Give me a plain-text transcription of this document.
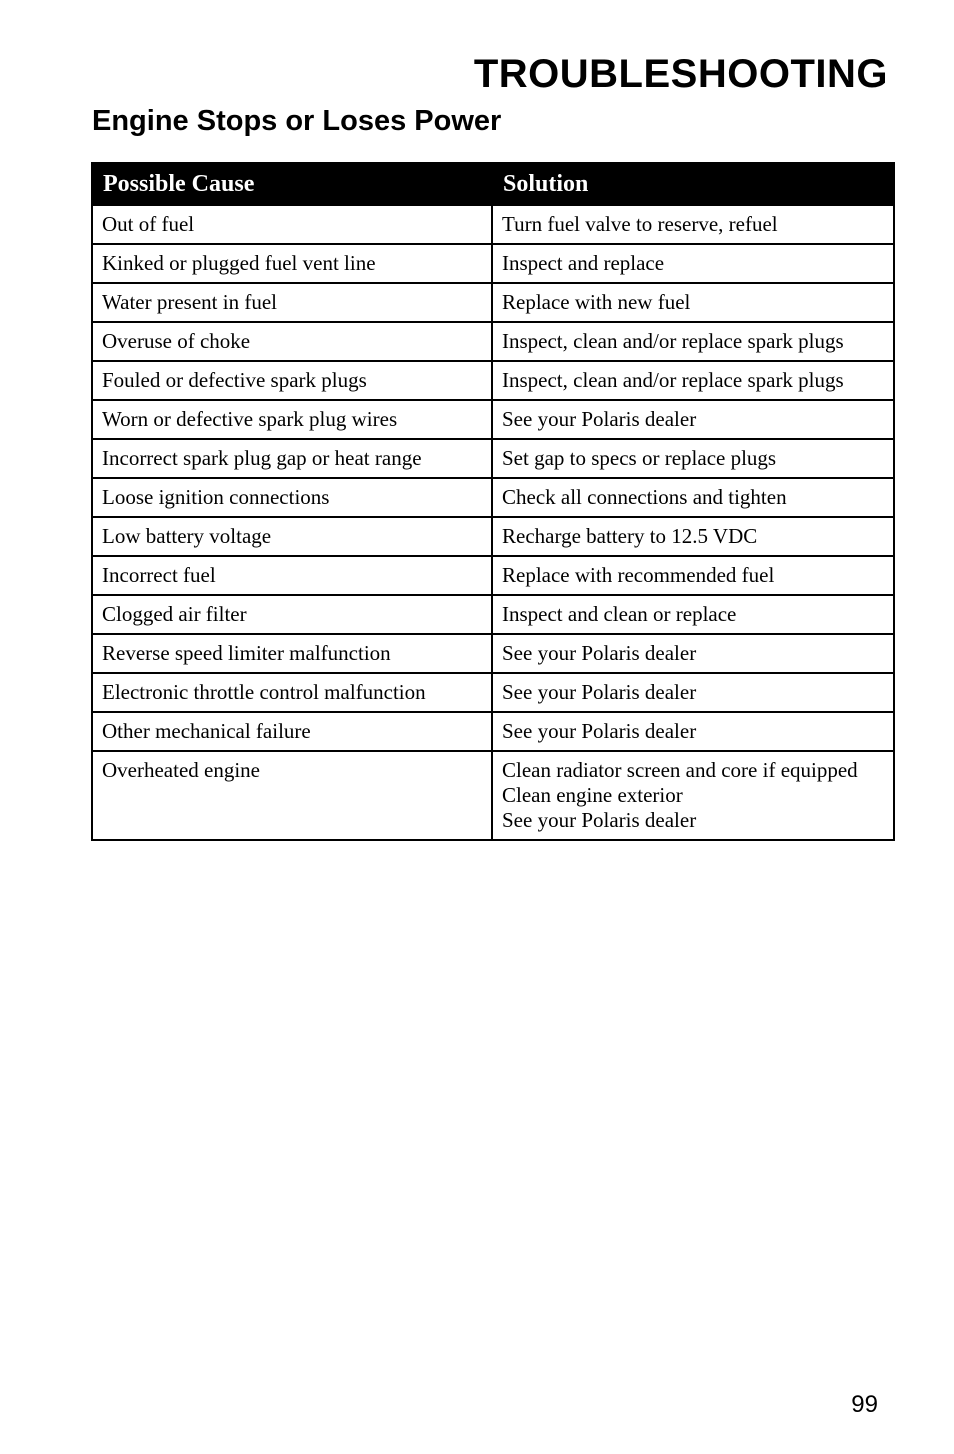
TROUBLESHOOTING
Engine Stops or Loses Power
Possible Cause	Solution
Out of fuel	Turn fuel valve to reserve, refuel

Kinked or plugged fuel vent line	Inspect and replace

Water present in fuel	Replace with new fuel

Overuse of choke	Inspect, clean and/or replace spark plugs

Fouled or defective spark plugs	Inspect, clean and/or replace spark plugs

Worn or defective spark plug wires	See your Polaris dealer

Incorrect spark plug gap or heat range	Set gap to specs or replace plugs

Loose ignition connections	Check all connections and tighten

Low battery voltage	Recharge battery to 12.5 VDC

Incorrect fuel	Replace with recommended fuel

Clogged air filter	Inspect and clean or replace

Reverse speed limiter malfunction	See your Polaris dealer

Electronic throttle control malfunction	See your Polaris dealer

Other mechanical failure	See your Polaris dealer

Overheated engine	Clean radiator screen and core if equipped
Clean engine exterior
See your Polaris dealer
99
